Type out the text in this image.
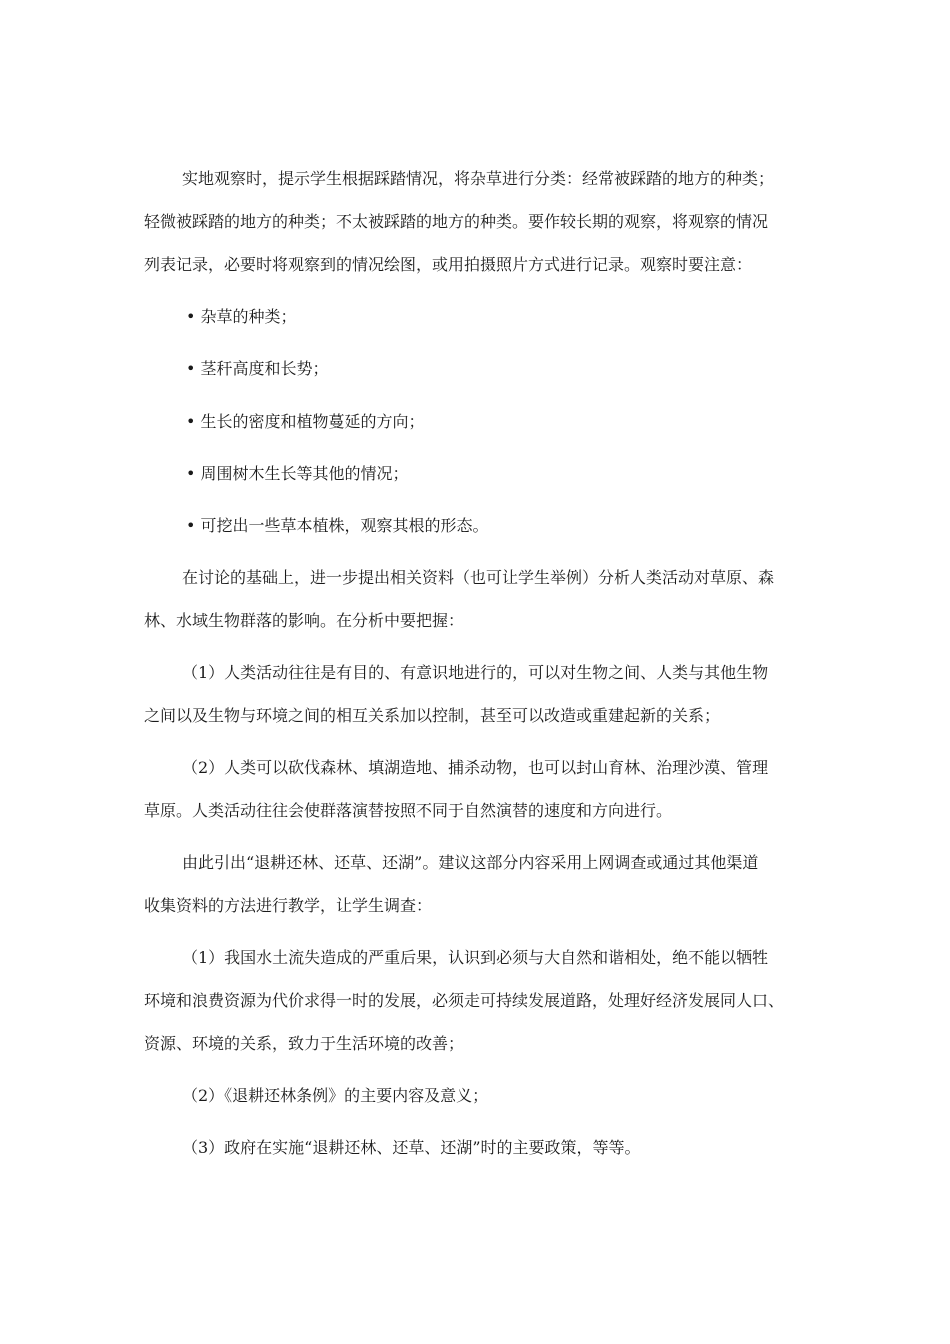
实地观察时，提示学生根据踩踏情况，将杂草进行分类：经常被踩踏的地方的种类；
轻微被踩踏的地方的种类；不太被踩踏的地方的种类。要作较长期的观察，将观察的情况
列表记录，必要时将观察到的情况绘图，或用拍摄照片方式进行记录。观察时要注意：
• 杂草的种类；
• 茎秆高度和长势；
• 生长的密度和植物蔓延的方向；
• 周围树木生长等其他的情况；
• 可挖出一些草本植株，观察其根的形态。
在讨论的基础上，进一步提出相关资料（也可让学生举例）分析人类活动对草原、森
林、水域生物群落的影响。在分析中要把握：
（1）人类活动往往是有目的、有意识地进行的，可以对生物之间、人类与其他生物
之间以及生物与环境之间的相互关系加以控制，甚至可以改造或重建起新的关系；
（2）人类可以砍伐森林、填湖造地、捕杀动物，也可以封山育林、治理沙漠、管理
草原。人类活动往往会使群落演替按照不同于自然演替的速度和方向进行。
由此引出“退耕还林、还草、还湖”。建议这部分内容采用上网调查或通过其他渠道
收集资料的方法进行教学，让学生调查：
（1）我国水土流失造成的严重后果，认识到必须与大自然和谐相处，绝不能以牺牲
环境和浪费资源为代价求得一时的发展，必须走可持续发展道路，处理好经济发展同人口、
资源、环境的关系，致力于生活环境的改善；
（2）《退耕还林条例》的主要内容及意义；
（3）政府在实施“退耕还林、还草、还湖”时的主要政策，等等。
